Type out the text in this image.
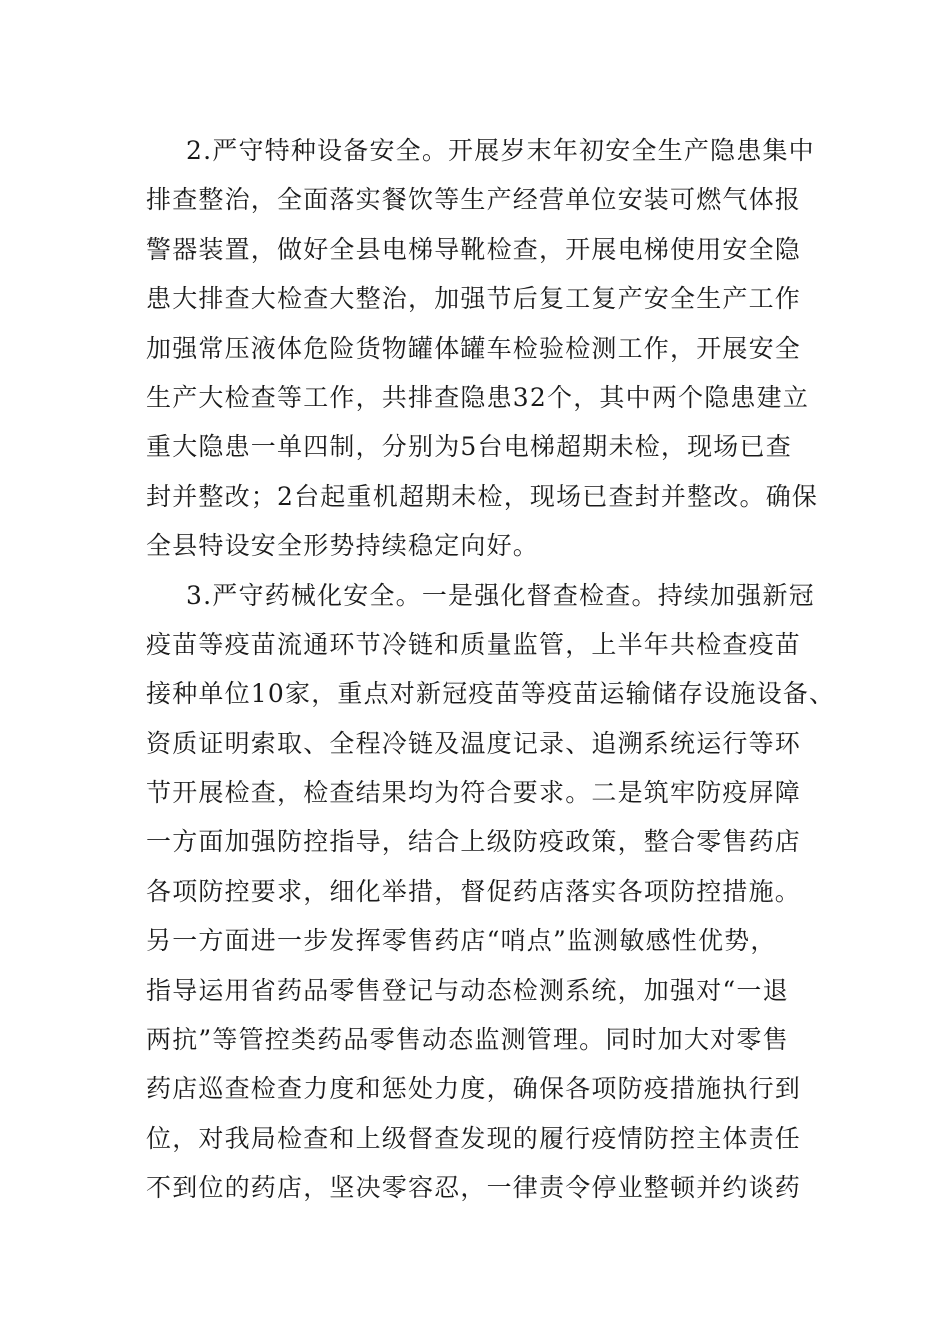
2.严守特种设备安全。开展岁末年初安全生产隐患集中
排查整治，全面落实餐饮等生产经营单位安装可燃气体报
警器装置，做好全县电梯导靴检查，开展电梯使用安全隐
患大排查大检查大整治，加强节后复工复产安全生产工作
加强常压液体危险货物罐体罐车检验检测工作，开展安全
生产大检查等工作，共排查隐患32个，其中两个隐患建立
重大隐患一单四制，分别为5台电梯超期未检，现场已查
封并整改；2台起重机超期未检，现场已查封并整改。确保
全县特设安全形势持续稳定向好。
3.严守药械化安全。一是强化督查检查。持续加强新冠
疫苗等疫苗流通环节冷链和质量监管，上半年共检查疫苗
接种单位10家，重点对新冠疫苗等疫苗运输储存设施设备、
资质证明索取、全程冷链及温度记录、追溯系统运行等环
节开展检查，检查结果均为符合要求。二是筑牢防疫屏障
一方面加强防控指导，结合上级防疫政策，整合零售药店
各项防控要求，细化举措，督促药店落实各项防控措施。
另一方面进一步发挥零售药店“哨点”监测敏感性优势，
指导运用省药品零售登记与动态检测系统，加强对“一退
两抗”等管控类药品零售动态监测管理。同时加大对零售
药店巡查检查力度和惩处力度，确保各项防疫措施执行到
位，对我局检查和上级督查发现的履行疫情防控主体责任
不到位的药店，坚决零容忍，一律责令停业整顿并约谈药
